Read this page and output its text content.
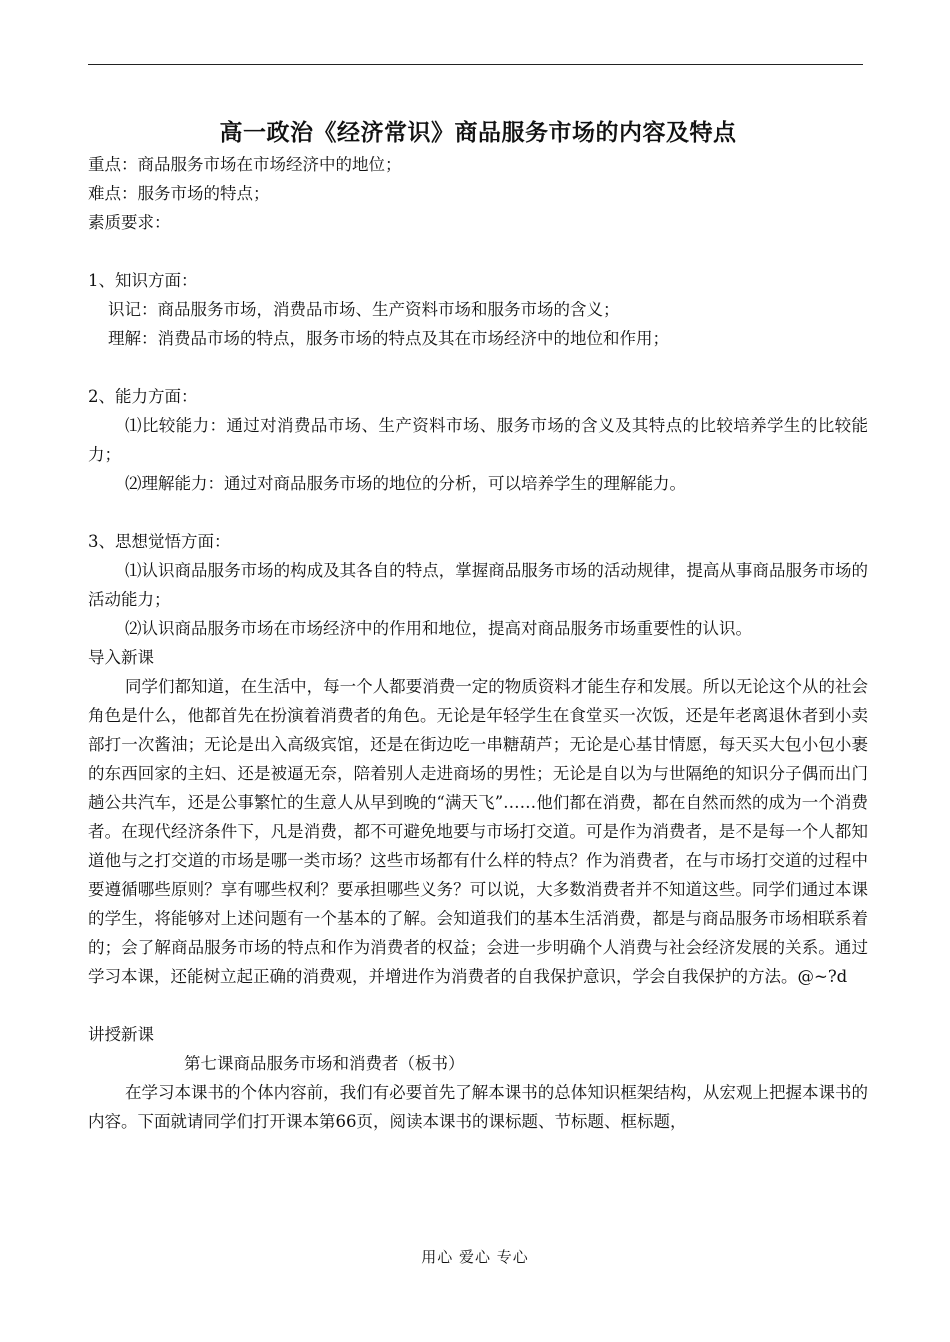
高一政治《经济常识》商品服务市场的内容及特点

重点：商品服务市场在市场经济中的地位；

难点：服务市场的特点；

素质要求：

1、知识方面：

识记：商品服务市场，消费品市场、生产资料市场和服务市场的含义；

理解：消费品市场的特点，服务市场的特点及其在市场经济中的地位和作用；

2、能力方面：

⑴比较能力：通过对消费品市场、生产资料市场、服务市场的含义及其特点的比较培养学生的比较能力；

⑵理解能力：通过对商品服务市场的地位的分析，可以培养学生的理解能力。

3、思想觉悟方面：

⑴认识商品服务市场的构成及其各自的特点，掌握商品服务市场的活动规律，提高从事商品服务市场的活动能力；

⑵认识商品服务市场在市场经济中的作用和地位，提高对商品服务市场重要性的认识。

导入新课

同学们都知道，在生活中，每一个人都要消费一定的物质资料才能生存和发展。所以无论这个从的社会角色是什么，他都首先在扮演着消费者的角色。无论是年轻学生在食堂买一次饭，还是年老离退休者到小卖部打一次酱油；无论是出入高级宾馆，还是在街边吃一串糖葫芦；无论是心基甘情愿，每天买大包小包小裹的东西回家的主妇、还是被逼无奈，陪着别人走进商场的男性；无论是自以为与世隔绝的知识分子偶而出门趟公共汽车，还是公事繁忙的生意人从早到晚的“满天飞”……他们都在消费，都在自然而然的成为一个消费者。在现代经济条件下，凡是消费，都不可避免地要与市场打交道。可是作为消费者，是不是每一个人都知道他与之打交道的市场是哪一类市场？这些市场都有什么样的特点？作为消费者，在与市场打交道的过程中要遵循哪些原则？享有哪些权利？要承担哪些义务？可以说，大多数消费者并不知道这些。同学们通过本课的学生，将能够对上述问题有一个基本的了解。会知道我们的基本生活消费，都是与商品服务市场相联系着的；会了解商品服务市场的特点和作为消费者的权益；会进一步明确个人消费与社会经济发展的关系。通过学习本课，还能树立起正确的消费观，并增进作为消费者的自我保护意识，学会自我保护的方法。@~?d

讲授新课

第七课商品服务市场和消费者（板书）

在学习本课书的个体内容前，我们有必要首先了解本课书的总体知识框架结构，从宏观上把握本课书的内容。下面就请同学们打开课本第66页，阅读本课书的课标题、节标题、框标题，

用心 爱心 专心
